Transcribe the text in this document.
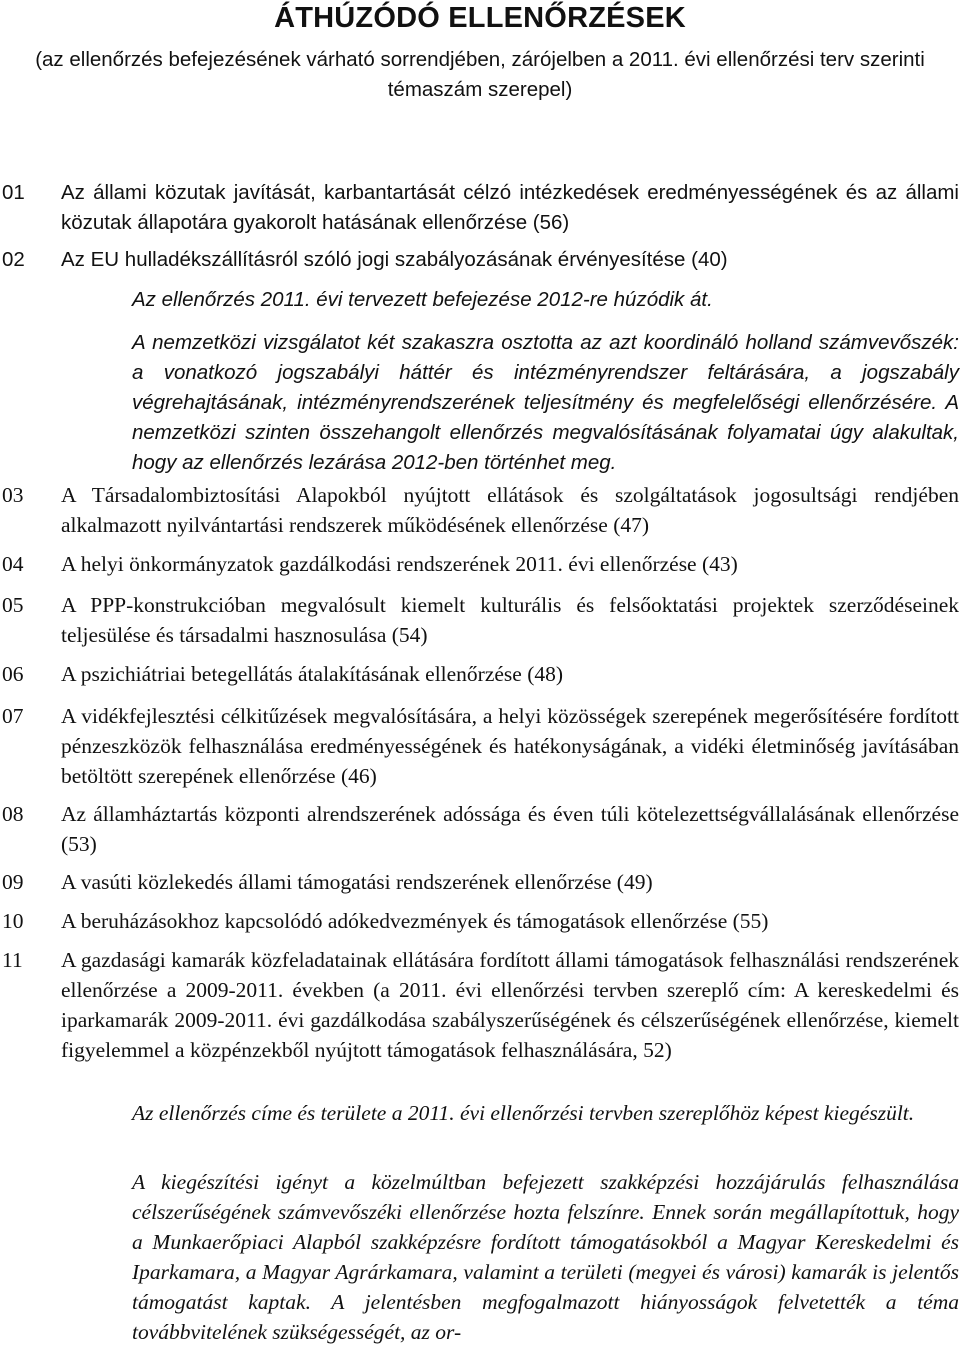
ÁTHÚZÓDÓ ELLENŐRZÉSEK
(az ellenőrzés befejezésének várható sorrendjében, zárójelben a 2011. évi ellenőrzési terv szerinti témaszám szerepel)
01 Az állami közutak javítását, karbantartását célzó intézkedések eredményességének és az állami közutak állapotára gyakorolt hatásának ellenőrzése (56)
02 Az EU hulladékszállításról szóló jogi szabályozásának érvényesítése (40)
Az ellenőrzés 2011. évi tervezett befejezése 2012-re húzódik át.
A nemzetközi vizsgálatot két szakaszra osztotta az azt koordináló holland számvevőszék: a vonatkozó jogszabályi háttér és intézményrendszer feltárására, a jogszabály végrehajtásának, intézményrendszerének teljesítmény és megfelelőségi ellenőrzésére. A nemzetközi szinten összehangolt ellenőrzés megvalósításának folyamatai úgy alakultak, hogy az ellenőrzés lezárása 2012-ben történhet meg.
03 A Társadalombiztosítási Alapokból nyújtott ellátások és szolgáltatások jogosultsági rendjében alkalmazott nyilvántartási rendszerek működésének ellenőrzése (47)
04 A helyi önkormányzatok gazdálkodási rendszerének 2011. évi ellenőrzése (43)
05 A PPP-konstrukcióban megvalósult kiemelt kulturális és felsőoktatási projektek szerződéseinek teljesülése és társadalmi hasznosulása (54)
06 A pszichiátriai betegellátás átalakításának ellenőrzése (48)
07 A vidékfejlesztési célkitűzések megvalósítására, a helyi közösségek szerepének megerősítésére fordított pénzeszközök felhasználása eredményességének és hatékonyságának, a vidéki életminőség javításában betöltött szerepének ellenőrzése (46)
08 Az államháztartás központi alrendszerének adóssága és éven túli kötelezettségvállalásának ellenőrzése (53)
09 A vasúti közlekedés állami támogatási rendszerének ellenőrzése (49)
10 A beruházásokhoz kapcsolódó adókedvezmények és támogatások ellenőrzése (55)
11 A gazdasági kamarák közfeladatainak ellátására fordított állami támogatások felhasználási rendszerének ellenőrzése a 2009-2011. években (a 2011. évi ellenőrzési tervben szereplő cím: A kereskedelmi és iparkamarák 2009-2011. évi gazdálkodása szabályszerűségének és célszerűségének ellenőrzése, kiemelt figyelemmel a közpénzekből nyújtott támogatások felhasználására, 52)
Az ellenőrzés címe és területe a 2011. évi ellenőrzési tervben szereplőhöz képest kiegészült.
A kiegészítési igényt a közelmúltban befejezett szakképzési hozzájárulás felhasználása célszerűségének számvevőszéki ellenőrzése hozta felszínre. Ennek során megállapítottuk, hogy a Munkaerőpiaci Alapból szakképzésre fordított támogatásokból a Magyar Kereskedelmi és Iparkamara, a Magyar Agrárkamara, valamint a területi (megyei és városi) kamarák is jelentős támogatást kaptak. A jelentésben megfogalmazott hiányosságok felvetették a téma továbbvitelének szükségességét, az or-
